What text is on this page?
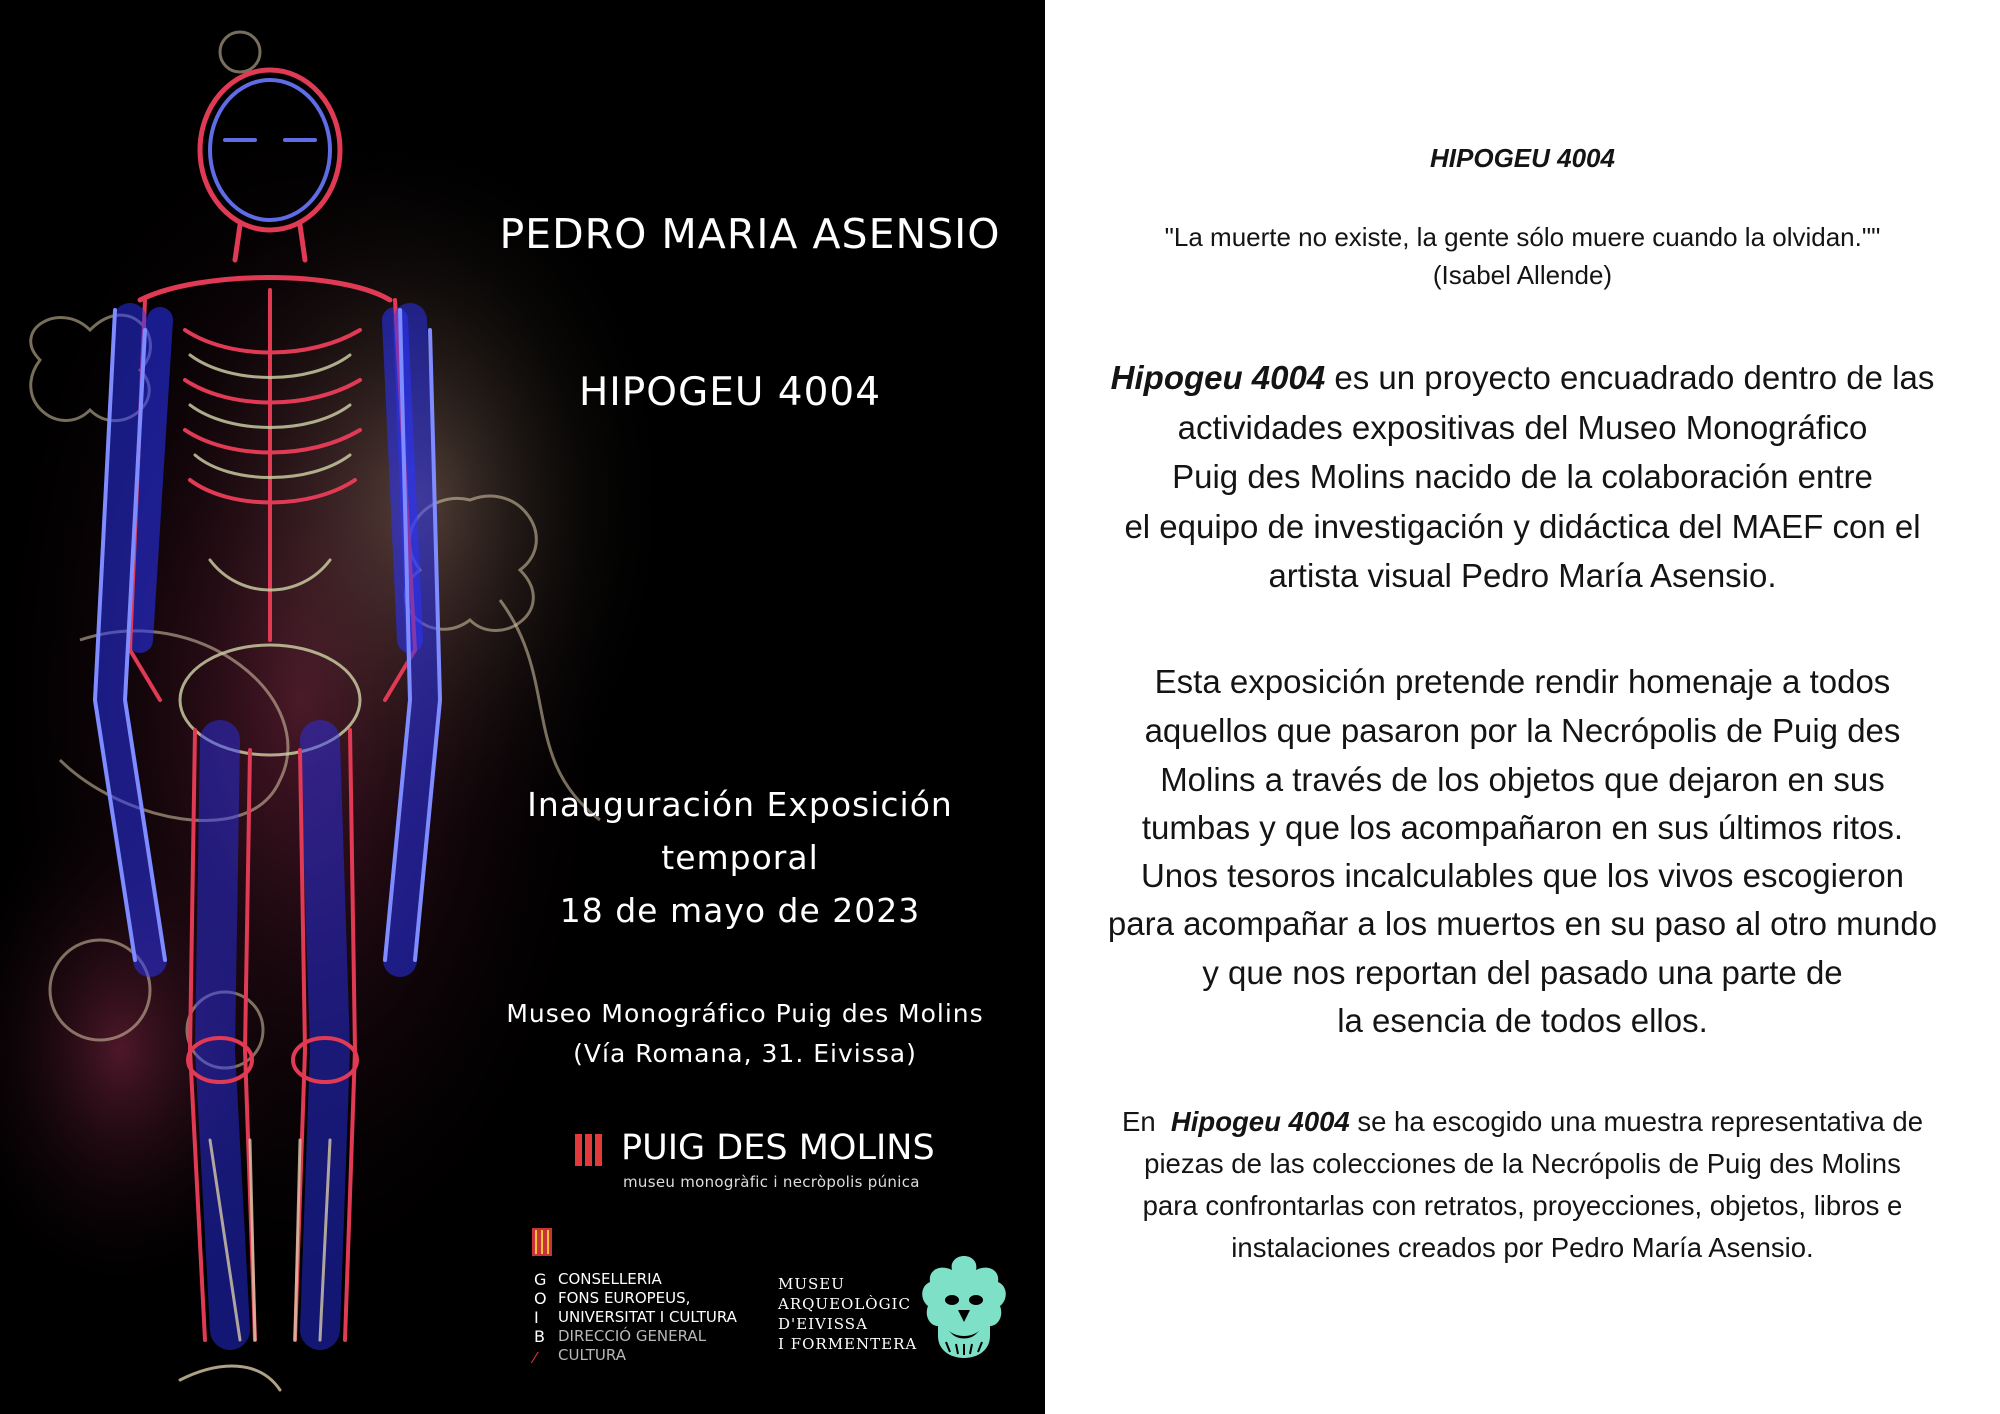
PEDRO MARIA ASENSIO
HIPOGEU 4004
Inauguración Exposición
temporal
18 de mayo de 2023
Museo Monográfico Puig des Molins
(Vía Romana, 31. Eivissa)
PUIG DES MOLINS
museu monogràfic i necròpolis púnica
G
O
I
B
⁄
CONSELLERIA
FONS EUROPEUS,
UNIVERSITAT I CULTURA
DIRECCIÓ GENERAL
CULTURA
MUSEU
ARQUEOLÒGIC
D'EIVISSA
I FORMENTERA
HIPOGEU 4004
"La muerte no existe, la gente sólo muere cuando la olvidan.""
(Isabel Allende)
Hipogeu 4004 es un proyecto encuadrado dentro de las
actividades expositivas del Museo Monográfico
Puig des Molins nacido de la colaboración entre
el equipo de investigación y didáctica del MAEF con el
artista visual Pedro María Asensio.
Esta exposición pretende rendir homenaje a todos
aquellos que pasaron por la Necrópolis de Puig des
Molins a través de los objetos que dejaron en sus
tumbas y que los acompañaron en sus últimos ritos.
Unos tesoros incalculables que los vivos escogieron
para acompañar a los muertos en su paso al otro mundo
y que nos reportan del pasado una parte de
la esencia de todos ellos.
En  Hipogeu 4004 se ha escogido una muestra representativa de
piezas de las colecciones de la Necrópolis de Puig des Molins
para confrontarlas con retratos, proyecciones, objetos, libros e
instalaciones creados por Pedro María Asensio.
